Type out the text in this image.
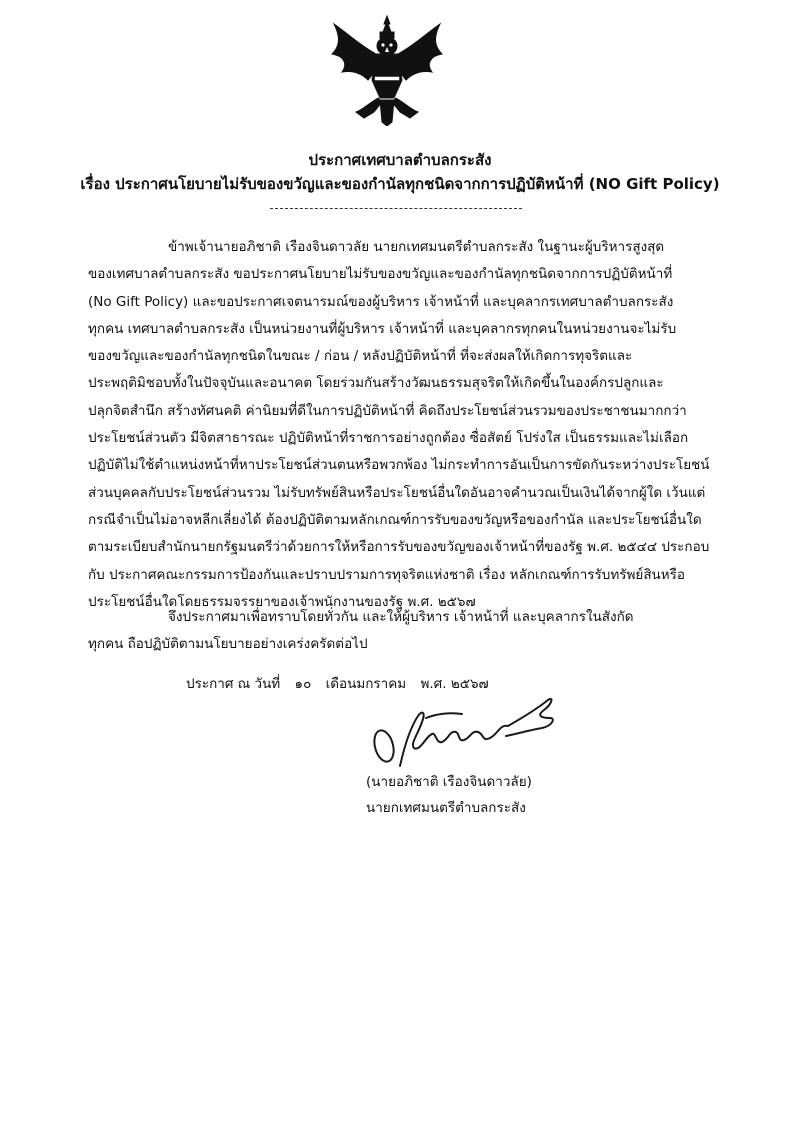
ประกาศเทศบาลตำบลกระสัง
เรื่อง ประกาศนโยบายไม่รับของขวัญและของกำนัลทุกชนิดจากการปฏิบัติหน้าที่ (NO Gift Policy)

ข้าพเจ้านายอภิชาติ เรืองจินดาวลัย นายกเทศมนตรีตำบลกระสัง ในฐานะผู้บริหารสูงสุด

ของเทศบาลตำบลกระสัง ขอประกาศนโยบายไม่รับของขวัญและของกำนัลทุกชนิดจากการปฏิบัติหน้าที่

(No Gift Policy) และขอประกาศเจตนารมณ์ของผู้บริหาร เจ้าหน้าที่ และบุคลากรเทศบาลตำบลกระสัง

ทุกคน เทศบาลตำบลกระสัง เป็นหน่วยงานที่ผู้บริหาร เจ้าหน้าที่ และบุคลากรทุกคนในหน่วยงานจะไม่รับ

ของขวัญและของกำนัลทุกชนิดในขณะ / ก่อน / หลังปฏิบัติหน้าที่ ที่จะส่งผลให้เกิดการทุจริตและ

ประพฤติมิชอบทั้งในปัจจุบันและอนาคต โดยร่วมกันสร้างวัฒนธรรมสุจริตให้เกิดขึ้นในองค์กรปลูกและ

ปลุกจิตสำนึก สร้างทัศนคติ ค่านิยมที่ดีในการปฏิบัติหน้าที่ คิดถึงประโยชน์ส่วนรวมของประชาชนมากกว่า

ประโยชน์ส่วนตัว มีจิตสาธารณะ ปฏิบัติหน้าที่ราชการอย่างถูกต้อง ซื่อสัตย์ โปร่งใส เป็นธรรมและไม่เลือก

ปฏิบัติไม่ใช้ตำแหน่งหน้าที่หาประโยชน์ส่วนตนหรือพวกพ้อง ไม่กระทำการอันเป็นการขัดกันระหว่างประโยชน์

ส่วนบุคคลกับประโยชน์ส่วนรวม ไม่รับทรัพย์สินหรือประโยชน์อื่นใดอันอาจคำนวณเป็นเงินได้จากผู้ใด เว้นแต่

กรณีจำเป็นไม่อาจหลีกเลี่ยงได้ ต้องปฏิบัติตามหลักเกณฑ์การรับของขวัญหรือของกำนัล และประโยชน์อื่นใด

ตามระเบียบสำนักนายกรัฐมนตรีว่าด้วยการให้หรือการรับของขวัญของเจ้าหน้าที่ของรัฐ พ.ศ. ๒๕๔๔ ประกอบ

กับ ประกาศคณะกรรมการป้องกันและปราบปรามการทุจริตแห่งชาติ เรื่อง หลักเกณฑ์การรับทรัพย์สินหรือ

ประโยชน์อื่นใดโดยธรรมจรรยาของเจ้าพนักงานของรัฐ พ.ศ. ๒๕๖๗

จึงประกาศมาเพื่อทราบโดยทั่วกัน และให้ผู้บริหาร เจ้าหน้าที่ และบุคลากรในสังกัด

ทุกคน ถือปฏิบัติตามนโยบายอย่างเคร่งครัดต่อไป

ประกาศ ณ วันที่ ๑๐ เดือนมกราคม พ.ศ. ๒๕๖๗
(นายอภิชาติ เรืองจินดาวลัย)
นายกเทศมนตรีตำบลกระสัง
